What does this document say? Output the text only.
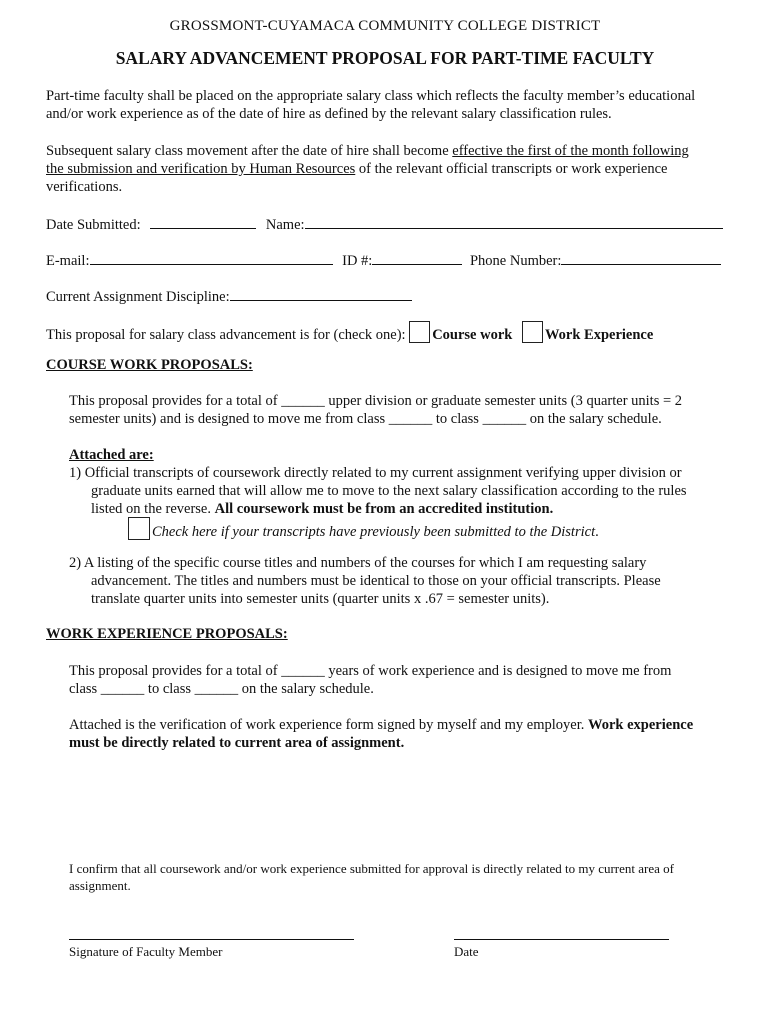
GROSSMONT-CUYAMACA COMMUNITY COLLEGE DISTRICT
SALARY ADVANCEMENT PROPOSAL FOR PART-TIME FACULTY
Part-time faculty shall be placed on the appropriate salary class which reflects the faculty member’s educational
and/or work experience as of the date of hire as defined by the relevant salary classification rules.
Subsequent salary class movement after the date of hire shall become effective the first of the month following
the submission and verification by Human Resources of the relevant official transcripts or work experience
verifications.
Date Submitted:	Name:
E-mail:	ID #:	Phone Number:
Current Assignment Discipline:
This proposal for salary class advancement is for (check one): Course work Work Experience
COURSE WORK PROPOSALS:
This proposal provides for a total of ______ upper division or graduate semester units (3 quarter units = 2
semester units) and is designed to move me from class ______ to class ______ on the salary schedule.
Attached are:
1) Official transcripts of coursework directly related to my current assignment verifying upper division or
graduate units earned that will allow me to move to the next salary classification according to the rules
listed on the reverse. All coursework must be from an accredited institution.
Check here if your transcripts have previously been submitted to the District.
2) A listing of the specific course titles and numbers of the courses for which I am requesting salary
advancement. The titles and numbers must be identical to those on your official transcripts. Please
translate quarter units into semester units (quarter units x .67 = semester units).
WORK EXPERIENCE PROPOSALS:
This proposal provides for a total of ______ years of work experience and is designed to move me from
class ______ to class ______ on the salary schedule.
Attached is the verification of work experience form signed by myself and my employer. Work experience
must be directly related to current area of assignment.
I confirm that all coursework and/or work experience submitted for approval is directly related to my current area of
assignment.
Signature of Faculty Member	Date
